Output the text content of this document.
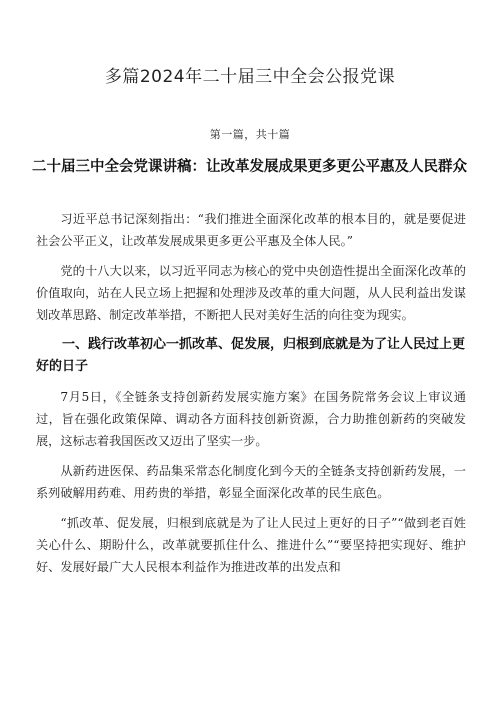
多篇2024年二十届三中全会公报党课
第一篇，共十篇
二十届三中全会党课讲稿：让改革发展成果更多更公平惠及人民群众

习近平总书记深刻指出：“我们推进全面深化改革的根本目的，就是要促进社会公平正义，让改革发展成果更多更公平惠及全体人民。”

党的十八大以来，以习近平同志为核心的党中央创造性提出全面深化改革的价值取向，站在人民立场上把握和处理涉及改革的重大问题，从人民利益出发谋划改革思路、制定改革举措，不断把人民对美好生活的向往变为现实。

一、践行改革初心一抓改革、促发展，归根到底就是为了让人民过上更好的日子

7月5日，《全链条支持创新药发展实施方案》在国务院常务会议上审议通过，旨在强化政策保障、调动各方面科技创新资源，合力助推创新药的突破发展，这标志着我国医改又迈出了坚实一步。

从新药进医保、药品集采常态化制度化到今天的全链条支持创新药发展，一系列破解用药难、用药贵的举措，彰显全面深化改革的民生底色。

“抓改革、促发展，归根到底就是为了让人民过上更好的日子”“做到老百姓关心什么、期盼什么，改革就要抓住什么、推进什么”“要坚持把实现好、维护好、发展好最广大人民根本利益作为推进改革的出发点和
